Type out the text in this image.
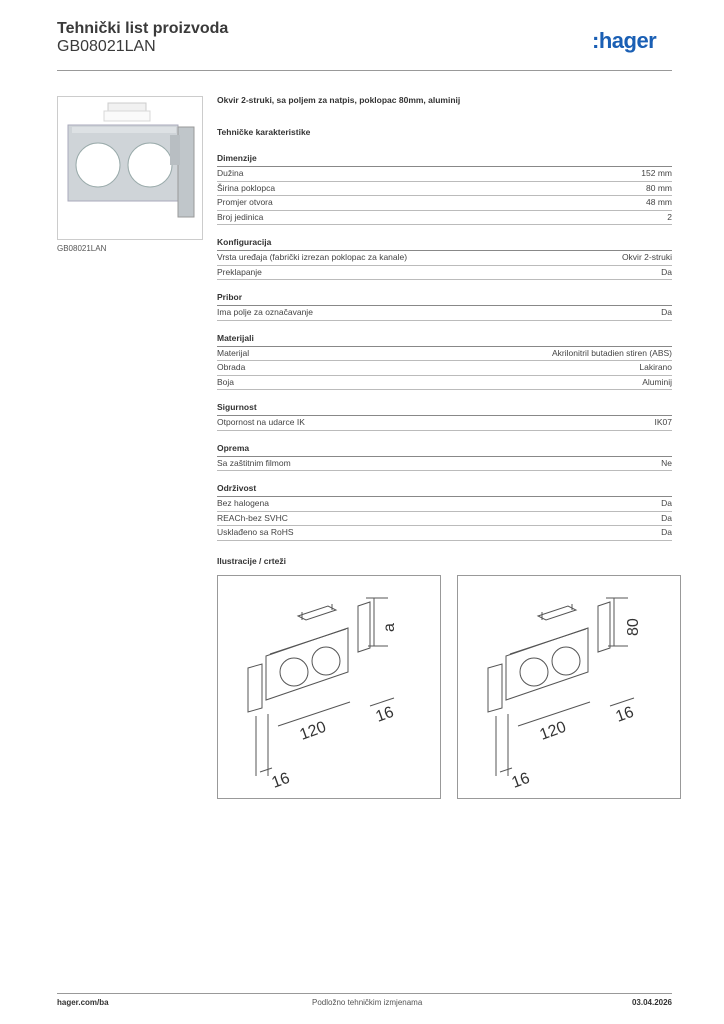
Tehnički list proizvoda
GB08021LAN	:hager
GB08021LAN
Okvir 2-struki, sa poljem za natpis, poklopac 80mm, aluminij
Tehničke karakteristike
Dimenzije
Dužina	152 mm
Širina poklopca	80 mm
Promjer otvora	48 mm
Broj jedinica	2
Konfiguracija
Vrsta uređaja (fabrički izrezan poklopac za kanale)	Okvir 2-struki
Preklapanje	Da
Pribor
Ima polje za označavanje	Da
Materijali
Materijal	Akrilonitril butadien stiren (ABS)
Obrada	Lakirano
Boja	Aluminij
Sigurnost
Otpornost na udarce IK	IK07
Oprema
Sa zaštitnim filmom	Ne
Održivost
Bez halogena	Da
REACh-bez SVHC	Da
Usklađeno sa RoHS	Da
Ilustracije / crteži
a
120
16
16
80
120
16
16
hager.com/ba	Podložno tehničkim izmjenama	03.04.2026
